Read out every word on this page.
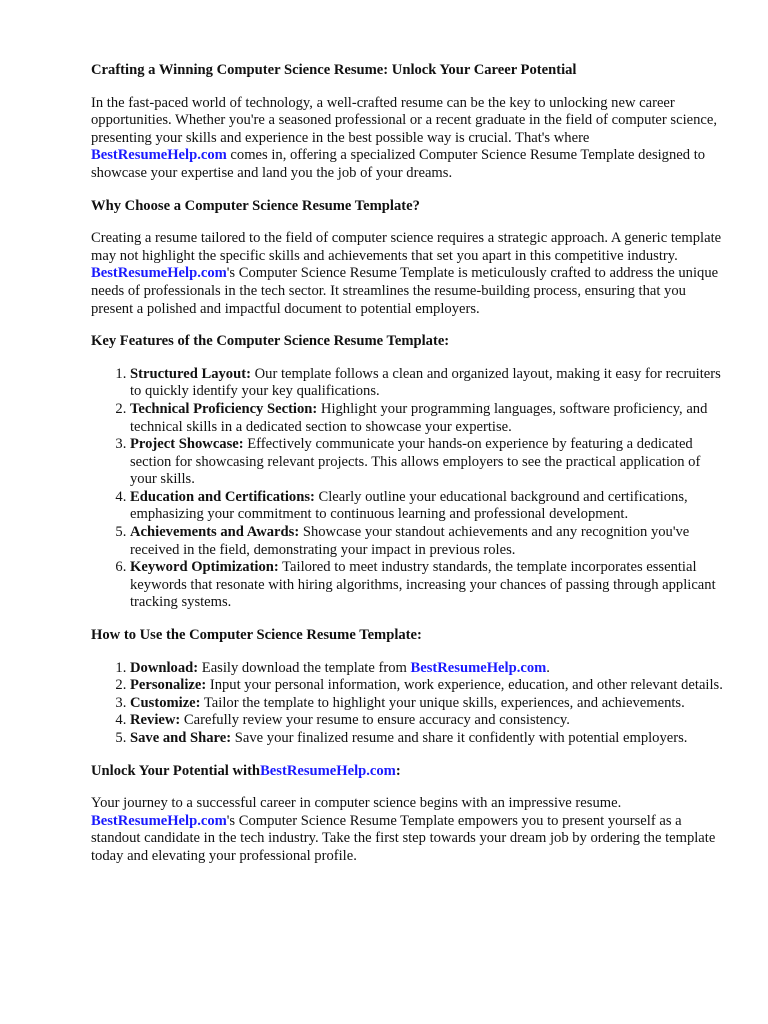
Crafting a Winning Computer Science Resume: Unlock Your Career Potential

In the fast-paced world of technology, a well-crafted resume can be the key to unlocking new career opportunities. Whether you're a seasoned professional or a recent graduate in the field of computer science, presenting your skills and experience in the best possible way is crucial. That's where BestResumeHelp.com comes in, offering a specialized Computer Science Resume Template designed to showcase your expertise and land you the job of your dreams.

Why Choose a Computer Science Resume Template?

Creating a resume tailored to the field of computer science requires a strategic approach. A generic template may not highlight the specific skills and achievements that set you apart in this competitive industry. BestResumeHelp.com's Computer Science Resume Template is meticulously crafted to address the unique needs of professionals in the tech sector. It streamlines the resume-building process, ensuring that you present a polished and impactful document to potential employers.

Key Features of the Computer Science Resume Template:
1. Structured Layout: Our template follows a clean and organized layout, making it easy for recruiters to quickly identify your key qualifications.
2. Technical Proficiency Section: Highlight your programming languages, software proficiency, and technical skills in a dedicated section to showcase your expertise.
3. Project Showcase: Effectively communicate your hands-on experience by featuring a dedicated section for showcasing relevant projects. This allows employers to see the practical application of your skills.
4. Education and Certifications: Clearly outline your educational background and certifications, emphasizing your commitment to continuous learning and professional development.
5. Achievements and Awards: Showcase your standout achievements and any recognition you've received in the field, demonstrating your impact in previous roles.
6. Keyword Optimization: Tailored to meet industry standards, the template incorporates essential keywords that resonate with hiring algorithms, increasing your chances of passing through applicant tracking systems.
How to Use the Computer Science Resume Template:
1. Download: Easily download the template from BestResumeHelp.com.
2. Personalize: Input your personal information, work experience, education, and other relevant details.
3. Customize: Tailor the template to highlight your unique skills, experiences, and achievements.
4. Review: Carefully review your resume to ensure accuracy and consistency.
5. Save and Share: Save your finalized resume and share it confidently with potential employers.
Unlock Your Potential withBestResumeHelp.com:

Your journey to a successful career in computer science begins with an impressive resume. BestResumeHelp.com's Computer Science Resume Template empowers you to present yourself as a standout candidate in the tech industry. Take the first step towards your dream job by ordering the template today and elevating your professional profile.
